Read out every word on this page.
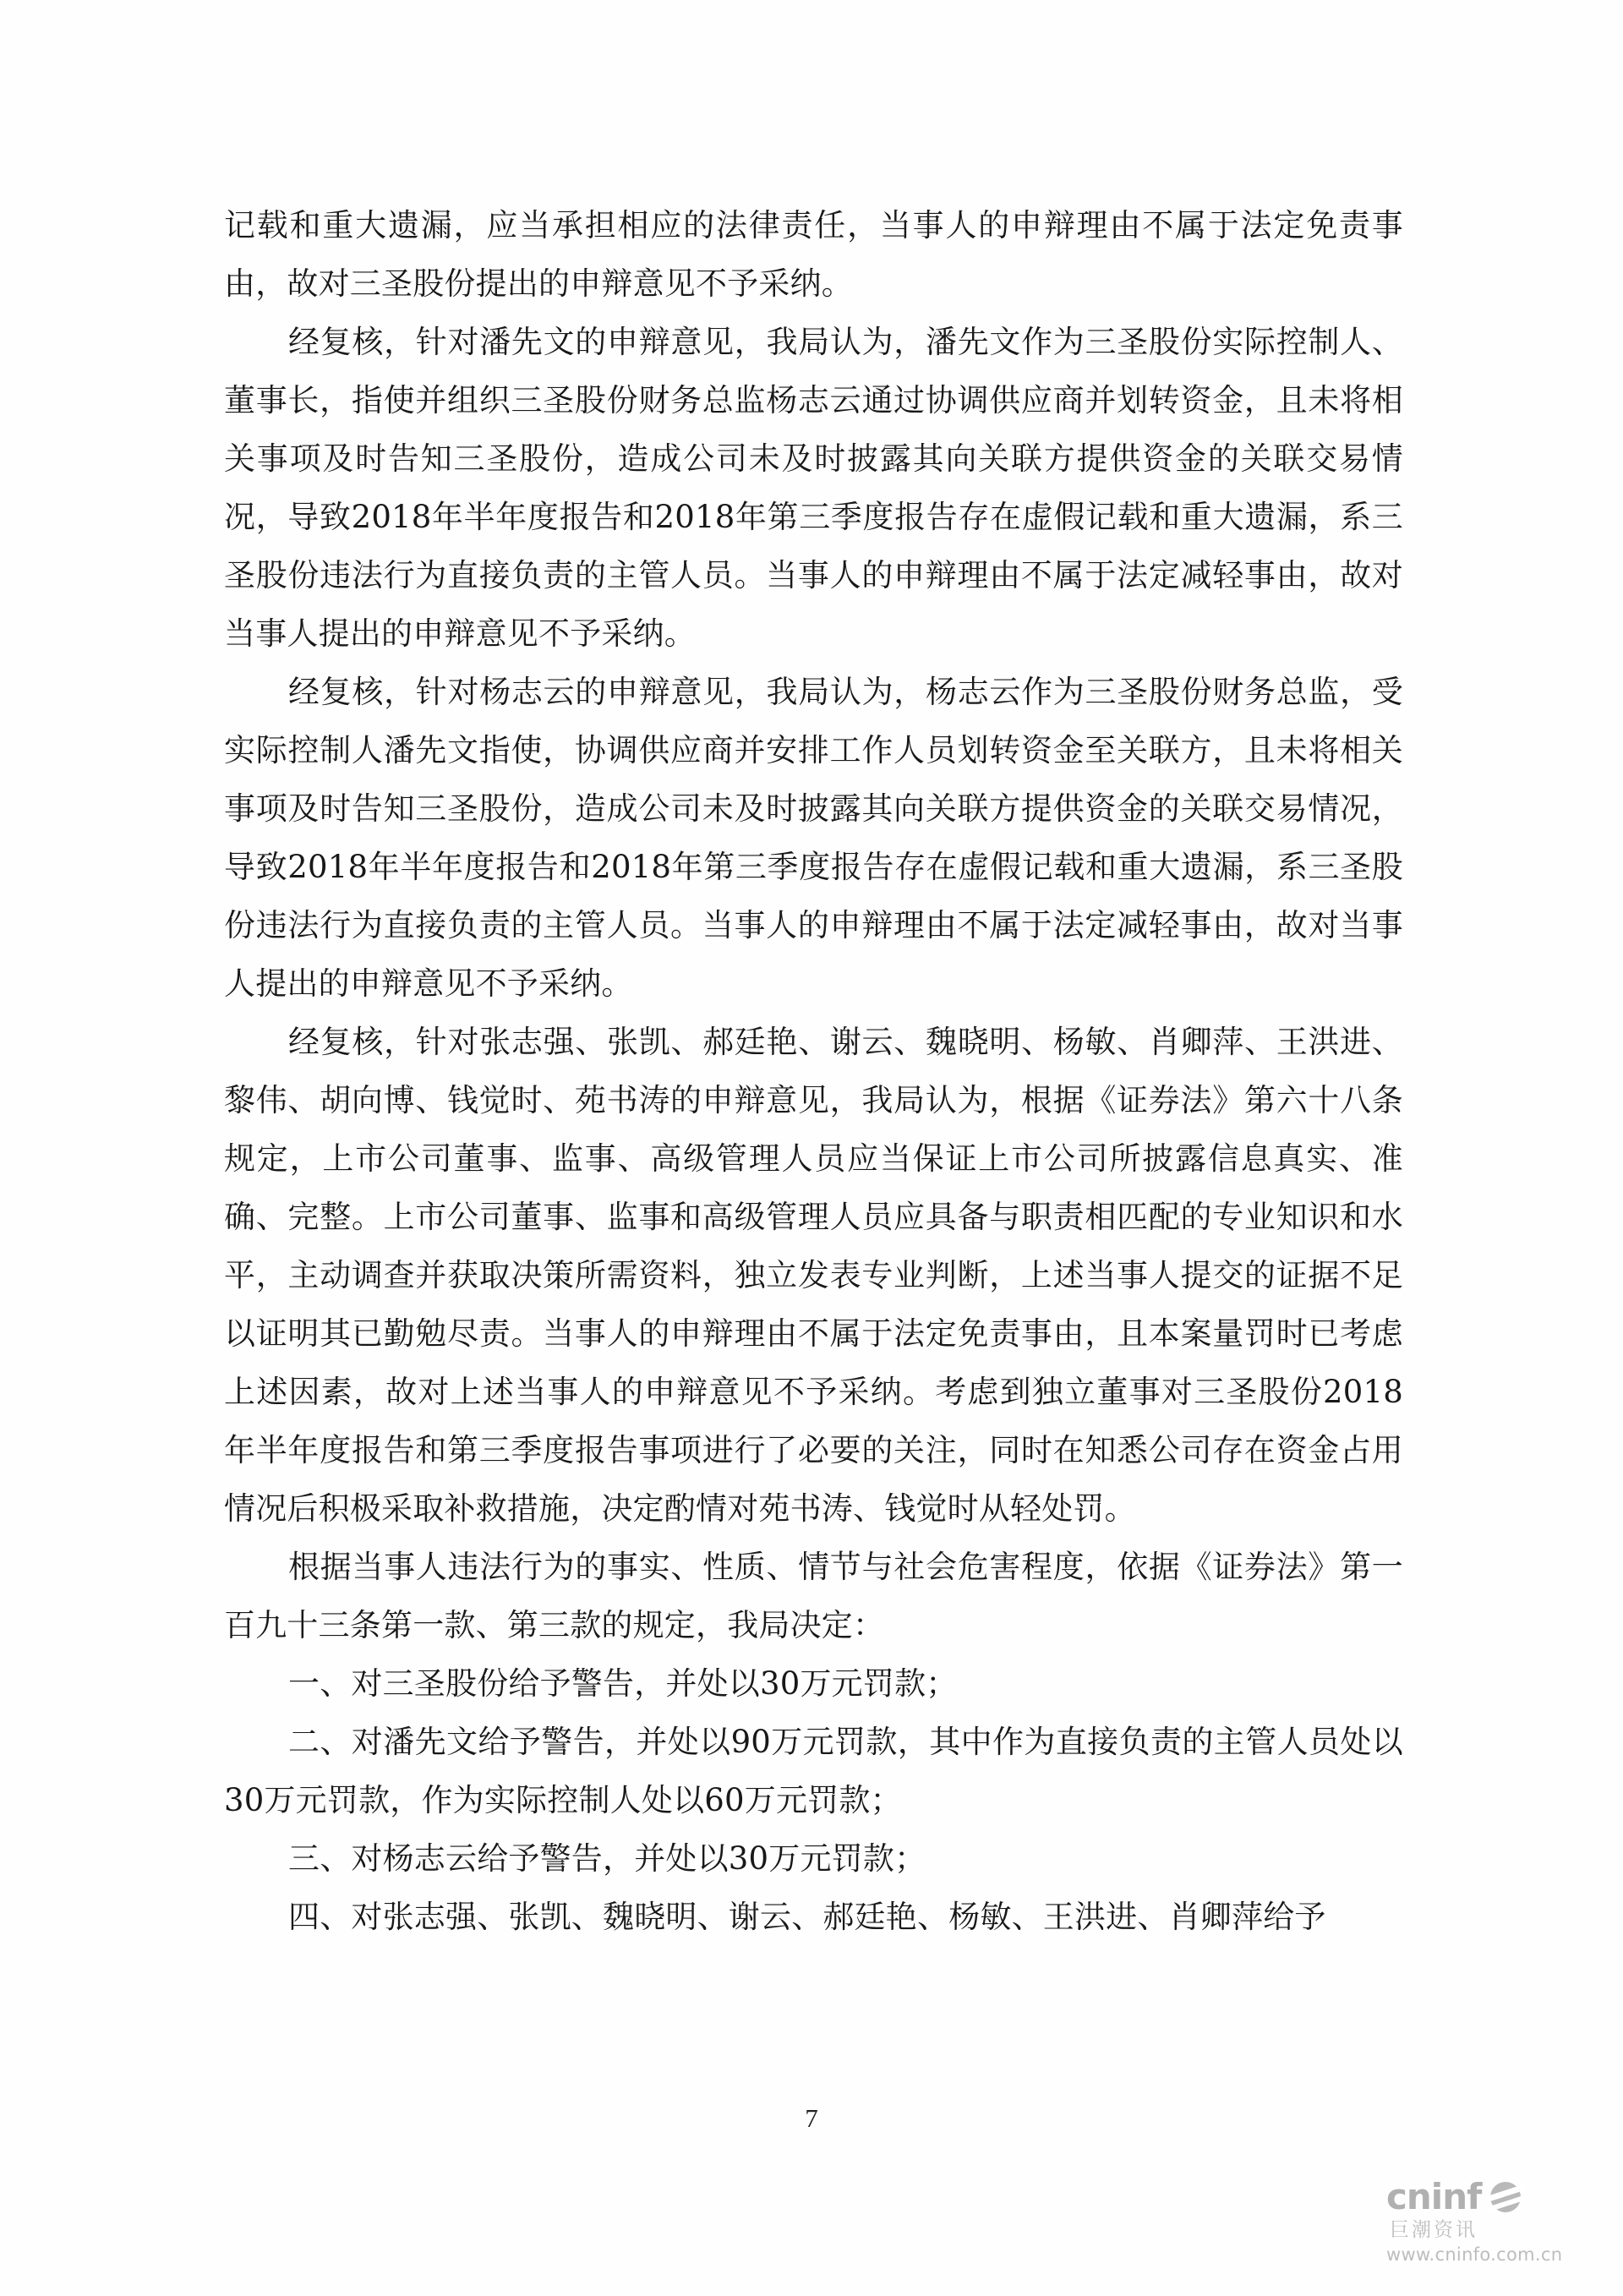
记载和重大遗漏，应当承担相应的法律责任，当事人的申辩理由不属于法定免责事由，故对三圣股份提出的申辩意见不予采纳。

经复核，针对潘先文的申辩意见，我局认为，潘先文作为三圣股份实际控制人、董事长，指使并组织三圣股份财务总监杨志云通过协调供应商并划转资金，且未将相关事项及时告知三圣股份，造成公司未及时披露其向关联方提供资金的关联交易情况，导致2018年半年度报告和2018年第三季度报告存在虚假记载和重大遗漏，系三圣股份违法行为直接负责的主管人员。当事人的申辩理由不属于法定减轻事由，故对当事人提出的申辩意见不予采纳。

经复核，针对杨志云的申辩意见，我局认为，杨志云作为三圣股份财务总监，受实际控制人潘先文指使，协调供应商并安排工作人员划转资金至关联方，且未将相关事项及时告知三圣股份，造成公司未及时披露其向关联方提供资金的关联交易情况，导致2018年半年度报告和2018年第三季度报告存在虚假记载和重大遗漏，系三圣股份违法行为直接负责的主管人员。当事人的申辩理由不属于法定减轻事由，故对当事人提出的申辩意见不予采纳。

经复核，针对张志强、张凯、郝廷艳、谢云、魏晓明、杨敏、肖卿萍、王洪进、黎伟、胡向博、钱觉时、苑书涛的申辩意见，我局认为，根据《证券法》第六十八条规定，上市公司董事、监事、高级管理人员应当保证上市公司所披露信息真实、准确、完整。上市公司董事、监事和高级管理人员应具备与职责相匹配的专业知识和水平，主动调查并获取决策所需资料，独立发表专业判断，上述当事人提交的证据不足以证明其已勤勉尽责。当事人的申辩理由不属于法定免责事由，且本案量罚时已考虑上述因素，故对上述当事人的申辩意见不予采纳。考虑到独立董事对三圣股份2018年半年度报告和第三季度报告事项进行了必要的关注，同时在知悉公司存在资金占用情况后积极采取补救措施，决定酌情对苑书涛、钱觉时从轻处罚。

根据当事人违法行为的事实、性质、情节与社会危害程度，依据《证券法》第一百九十三条第一款、第三款的规定，我局决定：

一、对三圣股份给予警告，并处以30万元罚款；

二、对潘先文给予警告，并处以90万元罚款，其中作为直接负责的主管人员处以30万元罚款，作为实际控制人处以60万元罚款；

三、对杨志云给予警告，并处以30万元罚款；

四、对张志强、张凯、魏晓明、谢云、郝廷艳、杨敏、王洪进、肖卿萍给予

7
cninf
巨潮资讯
www.cninfo.com.cn
